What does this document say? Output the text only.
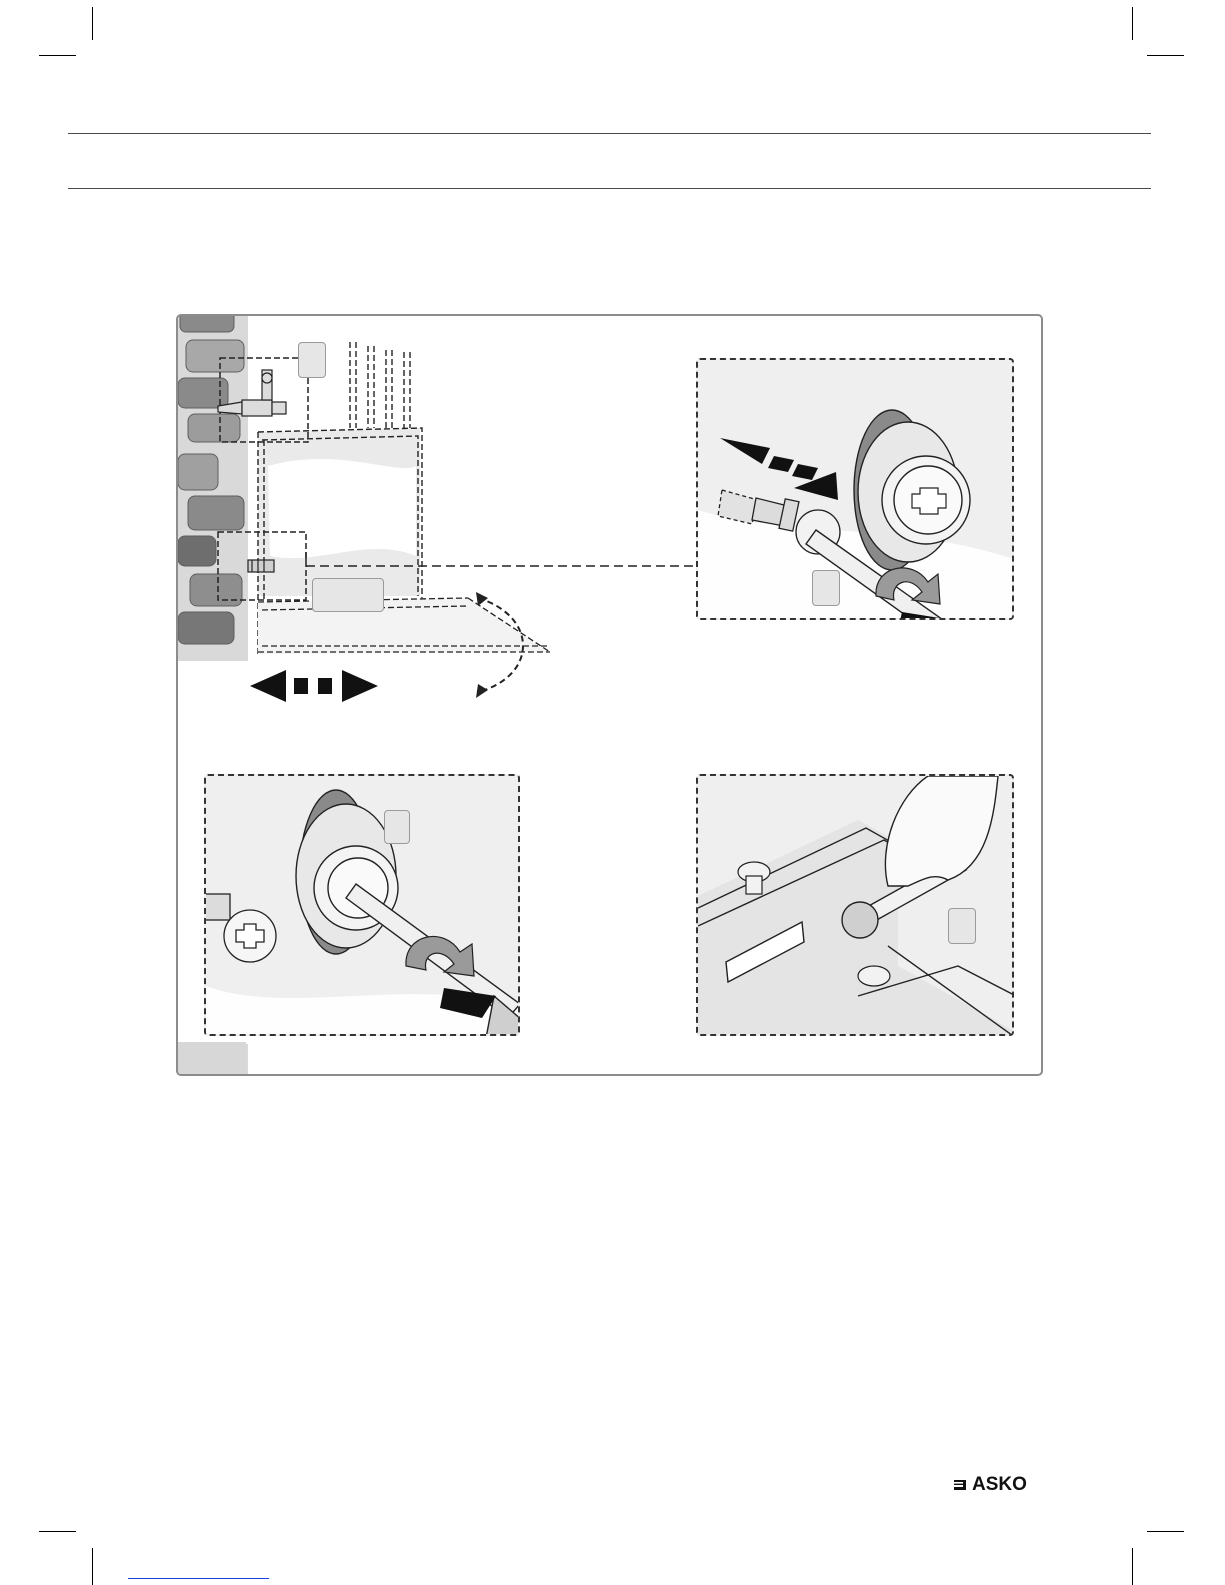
ASKO
